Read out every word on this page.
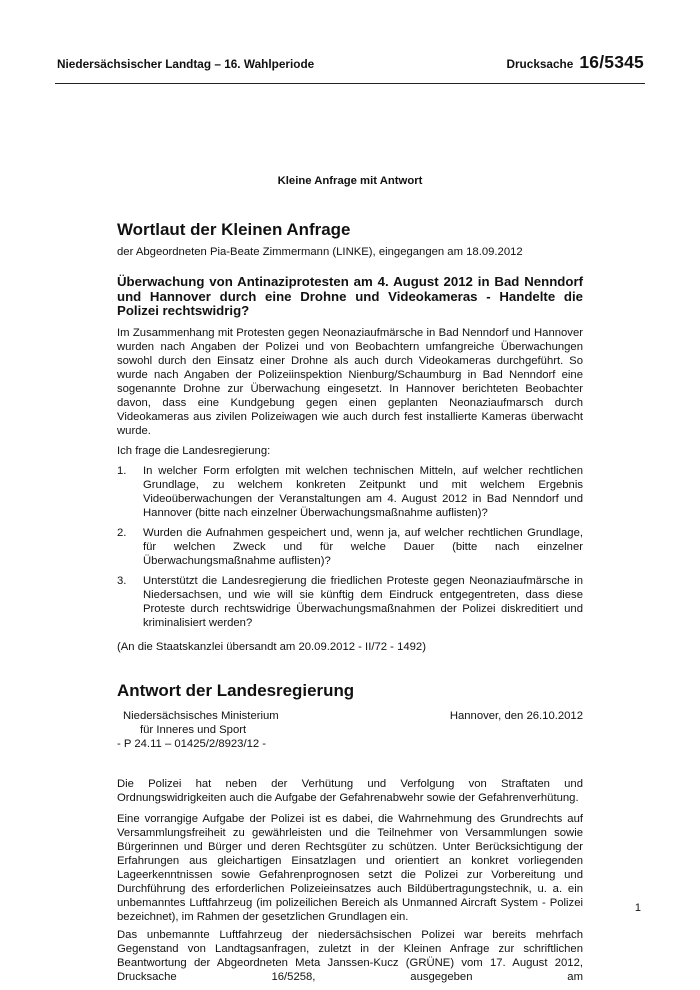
Niedersächsischer Landtag – 16. Wahlperiode	Drucksache 16/5345
Kleine Anfrage mit Antwort
Wortlaut der Kleinen Anfrage

der Abgeordneten Pia-Beate Zimmermann (LINKE), eingegangen am 18.09.2012

Überwachung von Antinaziprotesten am 4. August 2012 in Bad Nenndorf und Hannover durch eine Drohne und Videokameras - Handelte die Polizei rechtswidrig?

Im Zusammenhang mit Protesten gegen Neonaziaufmärsche in Bad Nenndorf und Hannover wurden nach Angaben der Polizei und von Beobachtern umfangreiche Überwachungen sowohl durch den Einsatz einer Drohne als auch durch Videokameras durchgeführt. So wurde nach Angaben der Polizeiinspektion Nienburg/Schaumburg in Bad Nenndorf eine sogenannte Drohne zur Überwachung eingesetzt. In Hannover berichteten Beobachter davon, dass eine Kundgebung gegen einen geplanten Neonaziaufmarsch durch Videokameras aus zivilen Polizeiwagen wie auch durch fest installierte Kameras überwacht wurde.

Ich frage die Landesregierung:

1.	In welcher Form erfolgten mit welchen technischen Mitteln, auf welcher rechtlichen Grundlage, zu welchem konkreten Zeitpunkt und mit welchem Ergebnis Videoüberwachungen der Veranstaltungen am 4. August 2012 in Bad Nenndorf und Hannover (bitte nach einzelner Überwachungsmaßnahme auflisten)?
2.	Wurden die Aufnahmen gespeichert und, wenn ja, auf welcher rechtlichen Grundlage, für welchen Zweck und für welche Dauer (bitte nach einzelner Überwachungsmaßnahme auflisten)?
3.	Unterstützt die Landesregierung die friedlichen Proteste gegen Neonaziaufmärsche in Niedersachsen, und wie will sie künftig dem Eindruck entgegentreten, dass diese Proteste durch rechtswidrige Überwachungsmaßnahmen der Polizei diskreditiert und kriminalisiert werden?

(An die Staatskanzlei übersandt am 20.09.2012 - II/72 - 1492)

Antwort der Landesregierung
Niedersächsisches Ministerium
für Inneres und Sport
- P 24.11 – 01425/2/8923/12 -
Hannover, den 26.10.2012

Die Polizei hat neben der Verhütung und Verfolgung von Straftaten und Ordnungswidrigkeiten auch die Aufgabe der Gefahrenabwehr sowie der Gefahrenverhütung.

Eine vorrangige Aufgabe der Polizei ist es dabei, die Wahrnehmung des Grundrechts auf Versammlungsfreiheit zu gewährleisten und die Teilnehmer von Versammlungen sowie Bürgerinnen und Bürger und deren Rechtsgüter zu schützen. Unter Berücksichtigung der Erfahrungen aus gleichartigen Einsatzlagen und orientiert an konkret vorliegenden Lageerkenntnissen sowie Gefahrenprognosen setzt die Polizei zur Vorbereitung und Durchführung des erforderlichen Polizeieinsatzes auch Bildübertragungstechnik, u. a. ein unbemanntes Luftfahrzeug (im polizeilichen Bereich als Unmanned Aircraft System - Polizei bezeichnet), im Rahmen der gesetzlichen Grundlagen ein.

Das unbemannte Luftfahrzeug der niedersächsischen Polizei war bereits mehrfach Gegenstand von Landtagsanfragen, zuletzt in der Kleinen Anfrage zur schriftlichen Beantwortung der Abgeordneten Meta Janssen-Kucz (GRÜNE) vom 17. August 2012, Drucksache 16/5258, ausgegeben am

1
